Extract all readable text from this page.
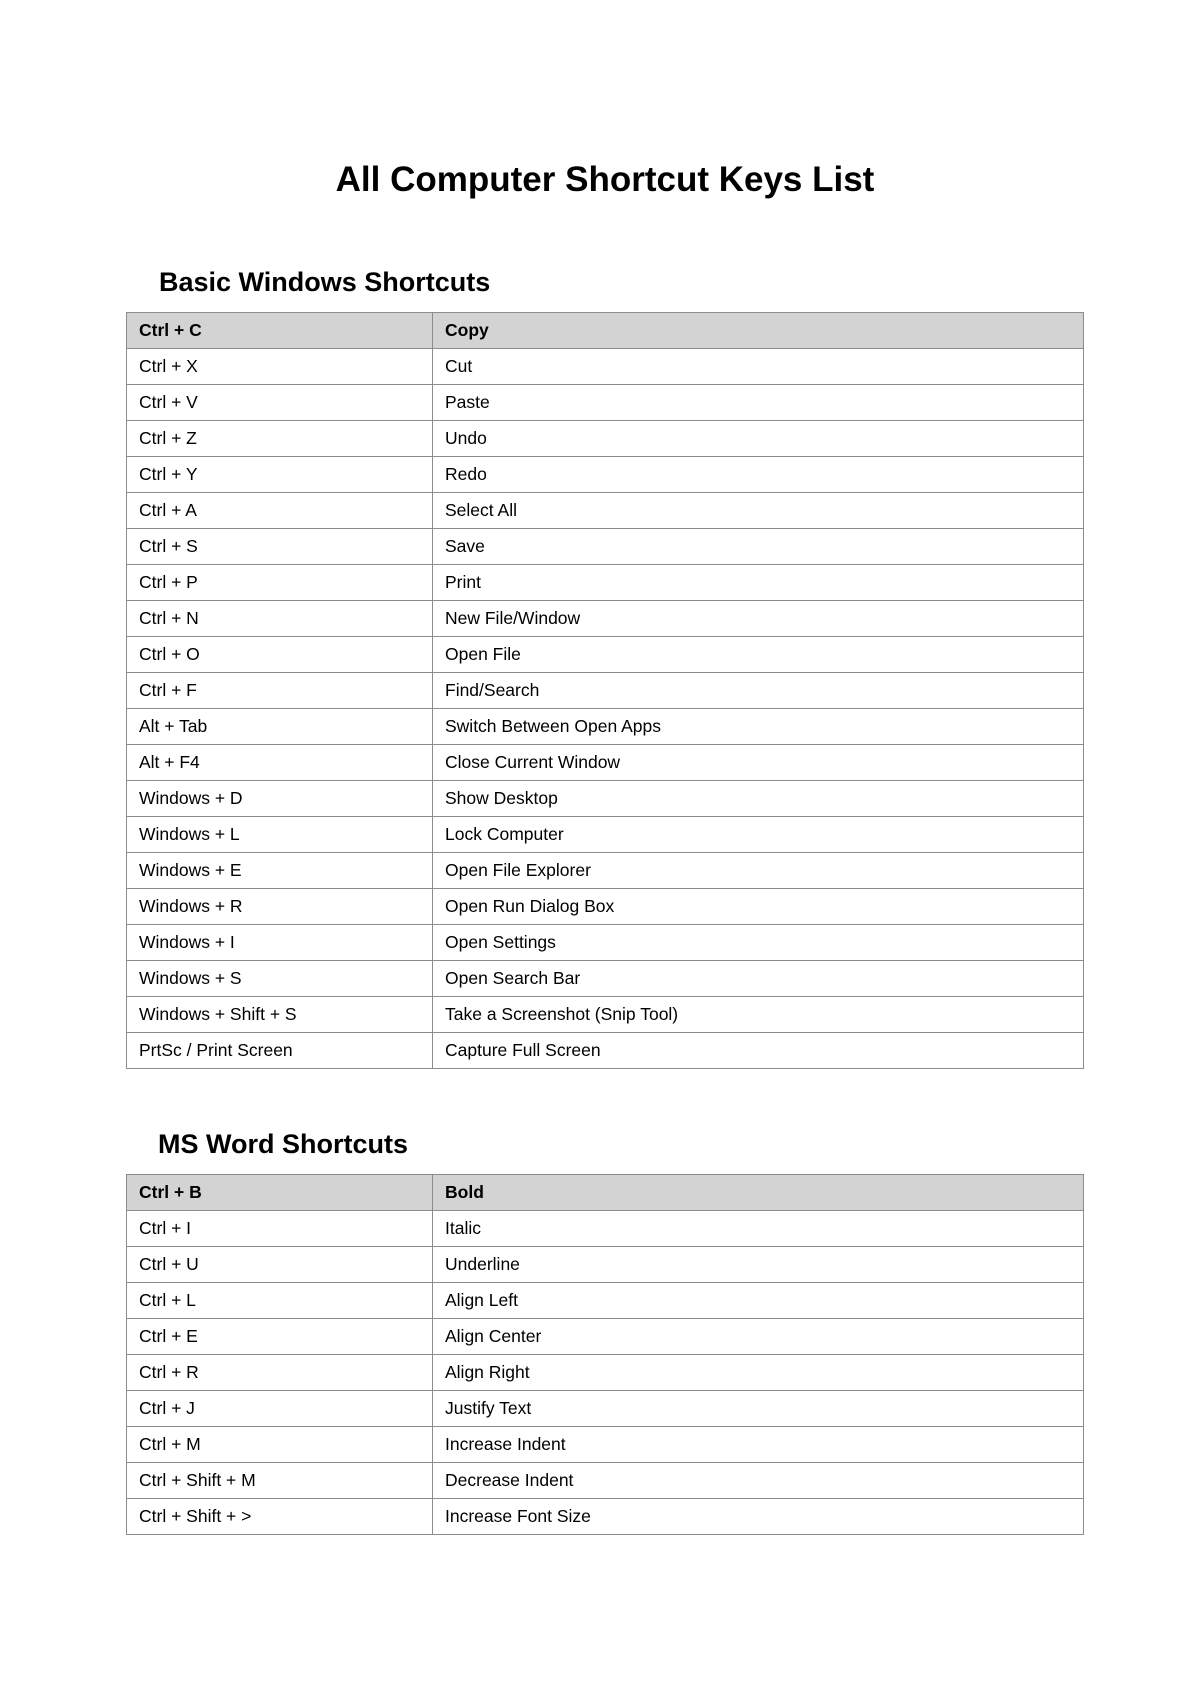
All Computer Shortcut Keys List
Basic Windows Shortcuts
Ctrl + C	Copy
Ctrl + X	Cut
Ctrl + V	Paste
Ctrl + Z	Undo
Ctrl + Y	Redo
Ctrl + A	Select All
Ctrl + S	Save
Ctrl + P	Print
Ctrl + N	New File/Window
Ctrl + O	Open File
Ctrl + F	Find/Search
Alt + Tab	Switch Between Open Apps
Alt + F4	Close Current Window
Windows + D	Show Desktop
Windows + L	Lock Computer
Windows + E	Open File Explorer
Windows + R	Open Run Dialog Box
Windows + I	Open Settings
Windows + S	Open Search Bar
Windows + Shift + S	Take a Screenshot (Snip Tool)
PrtSc / Print Screen	Capture Full Screen
MS Word Shortcuts
Ctrl + B	Bold
Ctrl + I	Italic
Ctrl + U	Underline
Ctrl + L	Align Left
Ctrl + E	Align Center
Ctrl + R	Align Right
Ctrl + J	Justify Text
Ctrl + M	Increase Indent
Ctrl + Shift + M	Decrease Indent
Ctrl + Shift + >	Increase Font Size
